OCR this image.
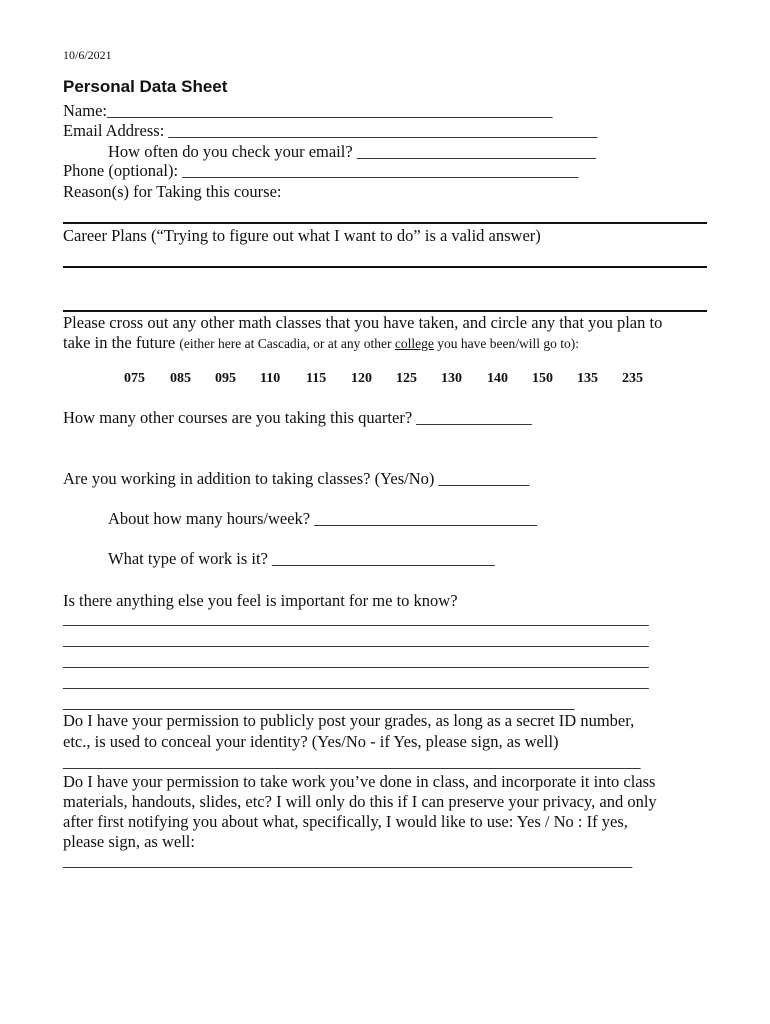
10/6/2021
Personal Data Sheet
Name:______________________________________________________
Email Address: ____________________________________________________
How often do you check your email? _____________________________
Phone (optional): ________________________________________________
Reason(s) for Taking this course:
Career Plans (“Trying to figure out what I want to do” is a valid answer)
Please cross out any other math classes that you have taken, and circle any that you plan to
take in the future (either here at Cascadia, or at any other college you have been/will go to):
075 085 095 110 115 120 125 130 140 150 135 235
How many other courses are you taking this quarter? ______________
Are you working in addition to taking classes? (Yes/No) ___________
About how many hours/week? ___________________________
What type of work is it? ___________________________
Is there anything else you feel is important for me to know?
_______________________________________________________________________
_______________________________________________________________________
_______________________________________________________________________
_______________________________________________________________________
______________________________________________________________
Do I have your permission to publicly post your grades, as long as a secret ID number,
etc., is used to conceal your identity? (Yes/No - if Yes, please sign, as well)
______________________________________________________________________
Do I have your permission to take work you’ve done in class, and incorporate it into class
materials, handouts, slides, etc? I will only do this if I can preserve your privacy, and only
after first notifying you about what, specifically, I would like to use: Yes / No : If yes,
please sign, as well:
_____________________________________________________________________
